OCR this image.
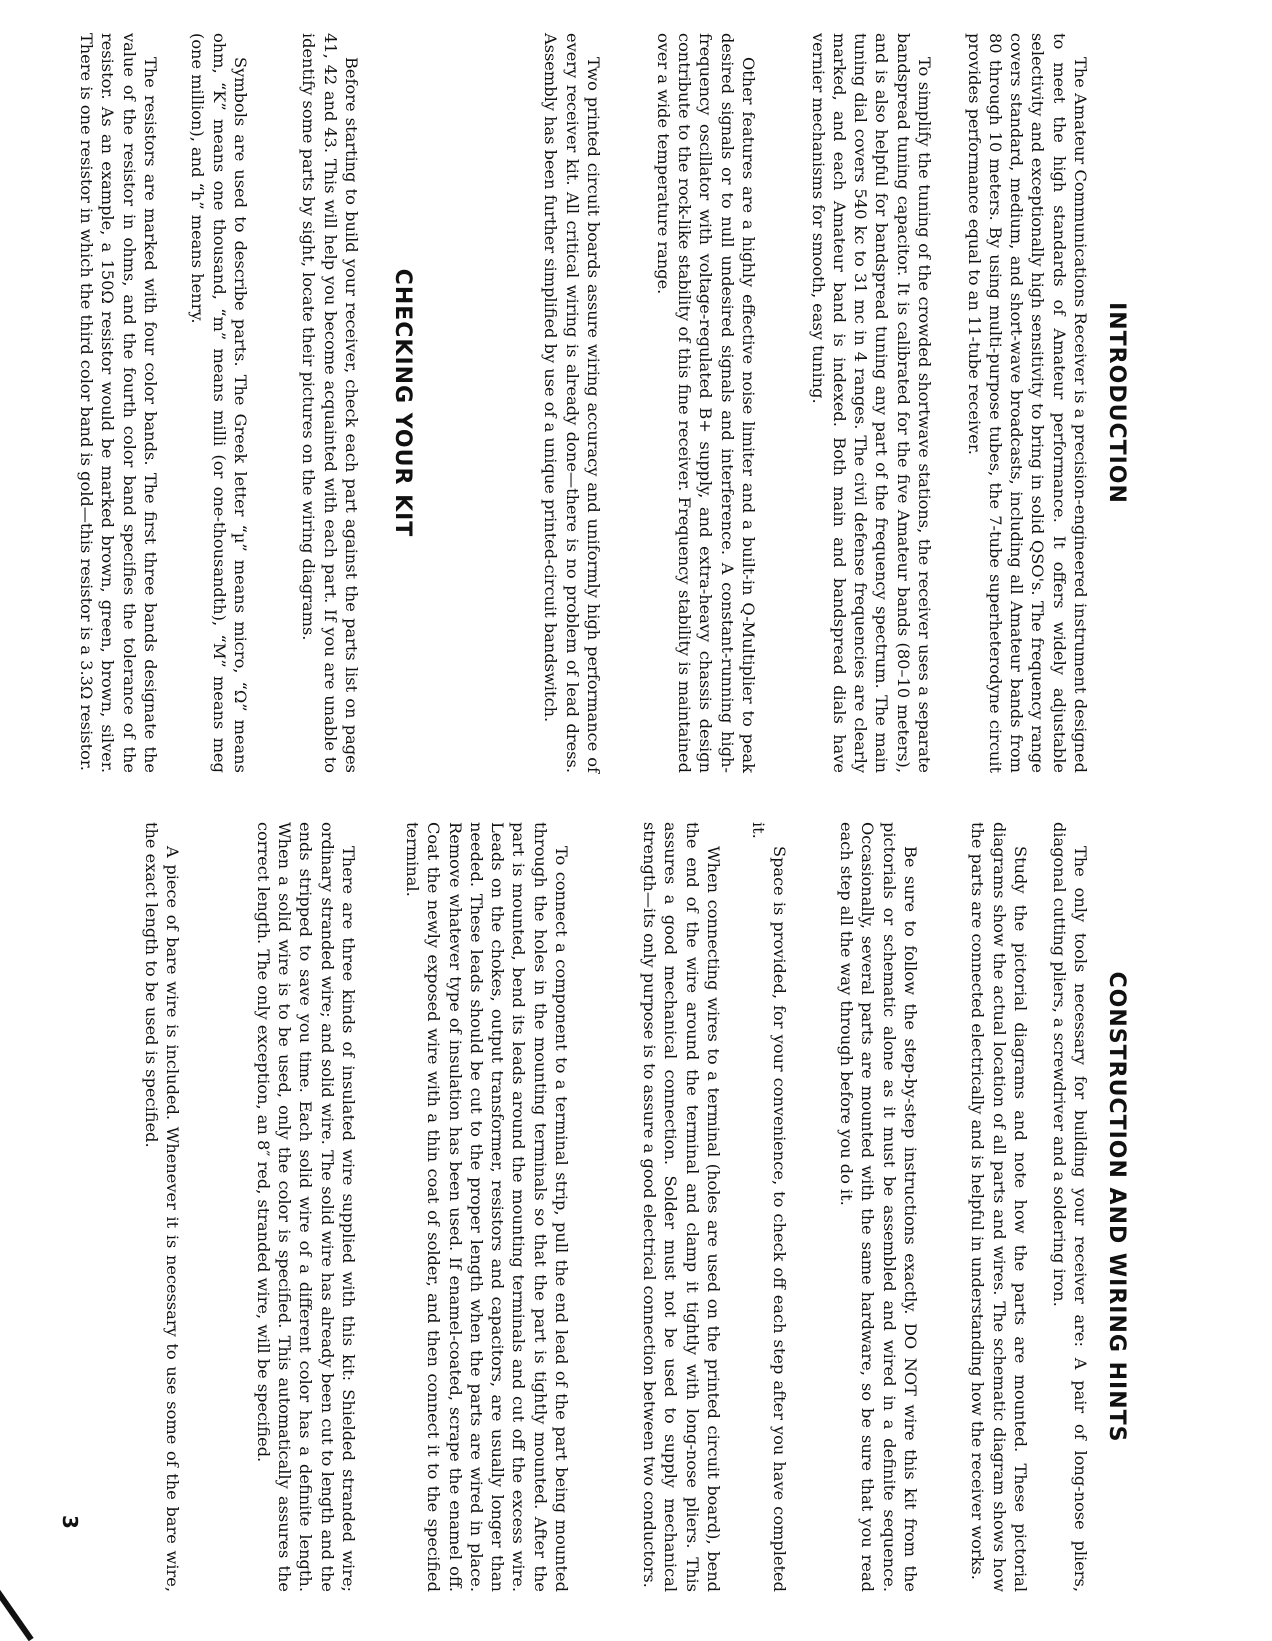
INTRODUCTION

The Amateur Communications Receiver is a precision-engineered instrument designed to meet the high standards of Amateur performance. It offers widely adjustable selectivity and exceptionally high sensitivity to bring in solid QSO's. The frequency range covers standard, medium, and short-wave broadcasts, including all Amateur bands from 80 through 10 meters. By using multi-purpose tubes, the 7-tube superheterodyne circuit provides performance equal to an 11-tube receiver.

To simplify the tuning of the crowded shortwave stations, the receiver uses a separate bandspread tuning capacitor. It is calibrated for the five Amateur bands (80–10 meters), and is also helpful for bandspread tuning any part of the frequency spectrum. The main tuning dial covers 540 kc to 31 mc in 4 ranges. The civil defense frequencies are clearly marked, and each Amateur band is indexed. Both main and bandspread dials have vernier mechanisms for smooth, easy tuning.

Other features are a highly effective noise limiter and a built-in Q-Multiplier to peak desired signals or to null undesired signals and interference. A constant-running high-frequency oscillator with voltage-regulated B+ supply, and extra-heavy chassis design contribute to the rock-like stability of this fine receiver. Frequency stability is maintained over a wide temperature range.

Two printed circuit boards assure wiring accuracy and uniformly high performance of every receiver kit. All critical wiring is already done—there is no problem of lead dress. Assembly has been further simplified by use of a unique printed-circuit bandswitch.

CHECKING YOUR KIT

Before starting to build your receiver, check each part against the parts list on pages 41, 42 and 43. This will help you become acquainted with each part. If you are unable to identify some parts by sight, locate their pictures on the wiring diagrams.

Symbols are used to describe parts. The Greek letter “µ” means micro, “Ω” means ohm, “K” means one thousand, “m” means milli (or one-thousandth), “M” means meg (one million), and “h” means henry.

The resistors are marked with four color bands. The first three bands designate the value of the resistor in ohms, and the fourth color band specifies the tolerance of the resistor. As an example, a 150Ω resistor would be marked brown, green, brown, silver. There is one resistor in which the third color band is gold—this resistor is a 3.3Ω resistor.

CONSTRUCTION AND WIRING HINTS

The only tools necessary for building your receiver are: A pair of long-nose pliers, diagonal cutting pliers, a screwdriver and a soldering iron.

Study the pictorial diagrams and note how the parts are mounted. These pictorial diagrams show the actual location of all parts and wires. The schematic diagram shows how the parts are connected electrically and is helpful in understanding how the receiver works.

Be sure to follow the step-by-step instructions exactly. DO NOT wire this kit from the pictorials or schematic alone as it must be assembled and wired in a definite sequence. Occasionally, several parts are mounted with the same hardware, so be sure that you read each step all the way through before you do it.

Space is provided, for your convenience, to check off each step after you have completed it.

When connecting wires to a terminal (holes are used on the printed circuit board), bend the end of the wire around the terminal and clamp it tightly with long-nose pliers. This assures a good mechanical connection. Solder must not be used to supply mechanical strength—its only purpose is to assure a good electrical connection between two conductors.

To connect a component to a terminal strip, pull the end lead of the part being mounted through the holes in the mounting terminals so that the part is tightly mounted. After the part is mounted, bend its leads around the mounting terminals and cut off the excess wire. Leads on the chokes, output transformer, resistors and capacitors, are usually longer than needed. These leads should be cut to the proper length when the parts are wired in place. Remove whatever type of insulation has been used. If enamel-coated, scrape the enamel off. Coat the newly exposed wire with a thin coat of solder, and then connect it to the specified terminal.

There are three kinds of insulated wire supplied with this kit: Shielded stranded wire; ordinary stranded wire; and solid wire. The solid wire has already been cut to length and the ends stripped to save you time. Each solid wire of a different color has a definite length. When a solid wire is to be used, only the color is specified. This automatically assures the correct length. The only exception, an 8″ red, stranded wire, will be specified.

A piece of bare wire is included. Whenever it is necessary to use some of the bare wire, the exact length to be used is specified.

3
